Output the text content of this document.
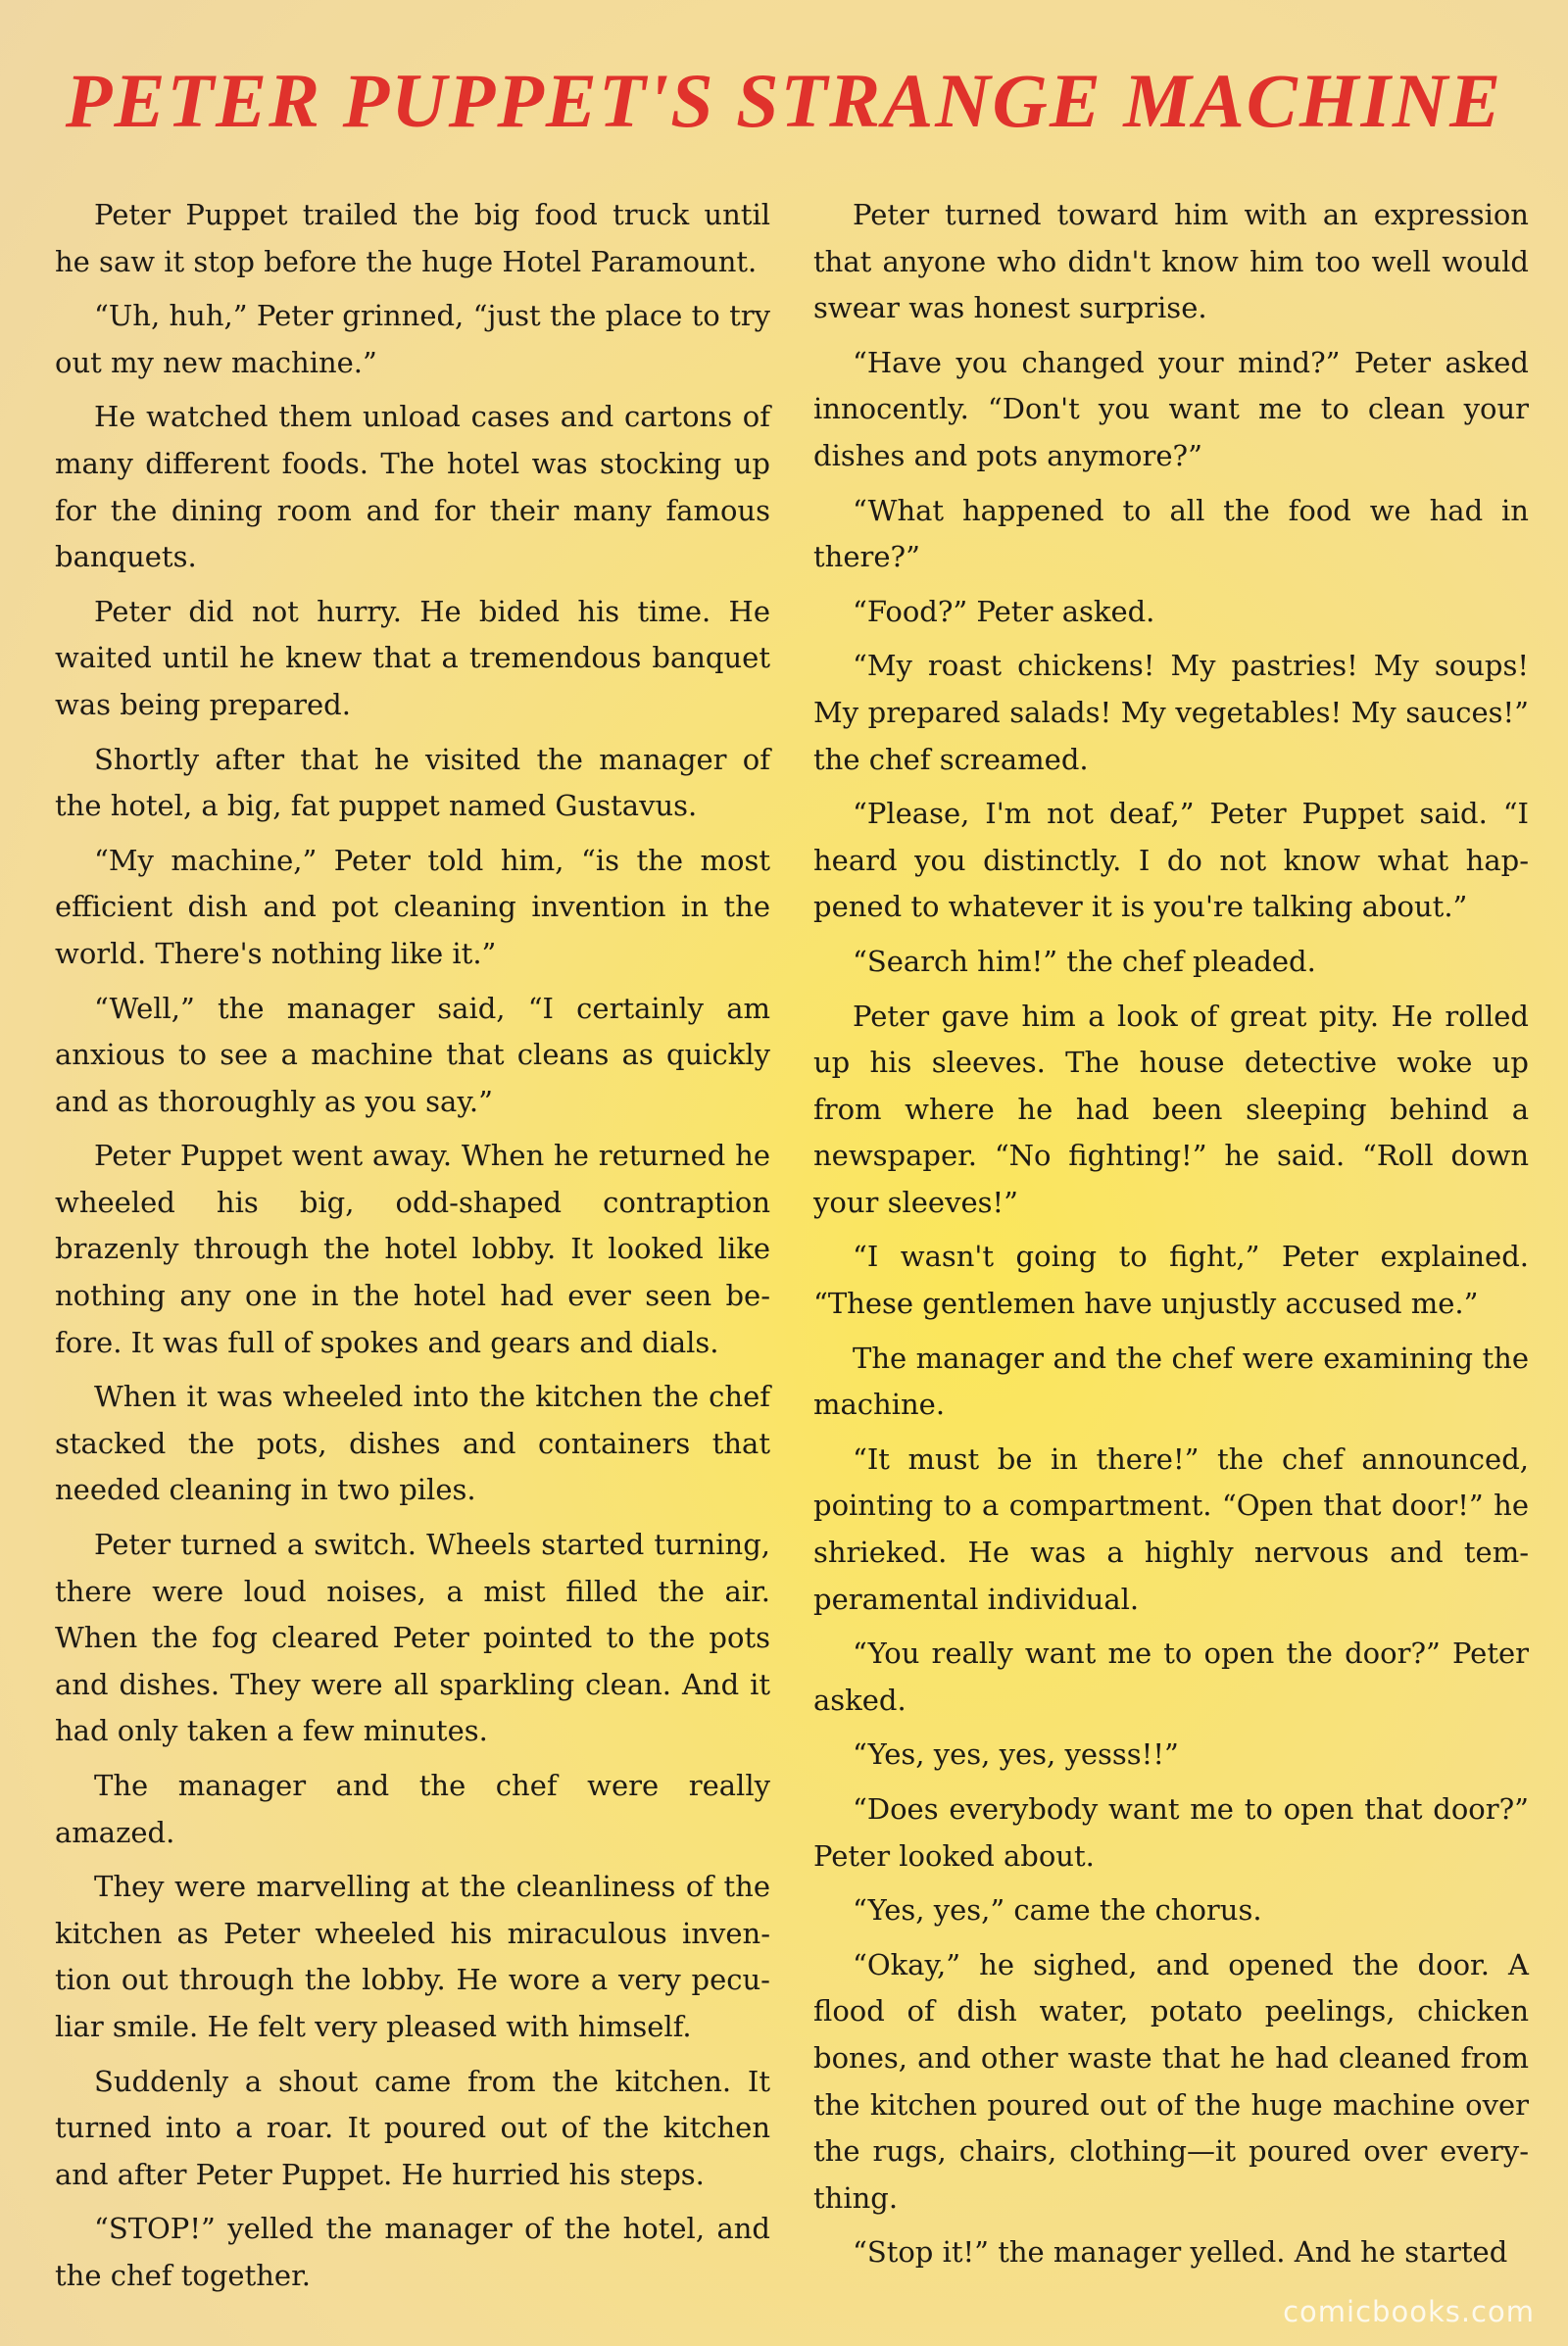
PETER PUPPET'S STRANGE MACHINE

Peter Puppet trailed the big food truck until he saw it stop before the huge Hotel Paramount.

“Uh, huh,” Peter grinned, “just the place to try out my new machine.”

He watched them unload cases and cartons of many different foods. The hotel was stocking up for the dining room and for their many famous banquets.

Peter did not hurry. He bided his time. He waited until he knew that a tremendous banquet was being prepared.

Shortly after that he visited the manager of the hotel, a big, fat puppet named Gustavus.

“My machine,” Peter told him, “is the most efficient dish and pot cleaning invention in the world. There's nothing like it.”

“Well,” the manager said, “I certainly am anxious to see a machine that cleans as quickly and as thoroughly as you say.”

Peter Puppet went away. When he returned he wheeled his big, odd-shaped contraption brazenly through the hotel lobby. It looked like nothing any one in the hotel had ever seen be-fore. It was full of spokes and gears and dials.

When it was wheeled into the kitchen the chef stacked the pots, dishes and containers that needed cleaning in two piles.

Peter turned a switch. Wheels started turning, there were loud noises, a mist filled the air. When the fog cleared Peter pointed to the pots and dishes. They were all sparkling clean. And it had only taken a few minutes.

The manager and the chef were really amazed.

They were marvelling at the cleanliness of the kitchen as Peter wheeled his miraculous inven-tion out through the lobby. He wore a very pecu-liar smile. He felt very pleased with himself.

Suddenly a shout came from the kitchen. It turned into a roar. It poured out of the kitchen and after Peter Puppet. He hurried his steps.

“STOP!” yelled the manager of the hotel, and the chef together.

Peter turned toward him with an expression that anyone who didn't know him too well would swear was honest surprise.

“Have you changed your mind?” Peter asked innocently. “Don't you want me to clean your dishes and pots anymore?”

“What happened to all the food we had in there?”

“Food?” Peter asked.

“My roast chickens! My pastries! My soups! My prepared salads! My vegetables! My sauces!” the chef screamed.

“Please, I'm not deaf,” Peter Puppet said. “I heard you distinctly. I do not know what hap-pened to whatever it is you're talking about.”

“Search him!” the chef pleaded.

Peter gave him a look of great pity. He rolled up his sleeves. The house detective woke up from where he had been sleeping behind a newspaper. “No fighting!” he said. “Roll down your sleeves!”

“I wasn't going to fight,” Peter explained. “These gentlemen have unjustly accused me.”

The manager and the chef were examining the machine.

“It must be in there!” the chef announced, pointing to a compartment. “Open that door!” he shrieked. He was a highly nervous and tem-peramental individual.

“You really want me to open the door?” Peter asked.

“Yes, yes, yes, yesss!!”

“Does everybody want me to open that door?” Peter looked about.

“Yes, yes,” came the chorus.

“Okay,” he sighed, and opened the door. A flood of dish water, potato peelings, chicken bones, and other waste that he had cleaned from the kitchen poured out of the huge machine over the rugs, chairs, clothing—it poured over every-thing.

“Stop it!” the manager yelled. And he started

comicbooks.com
